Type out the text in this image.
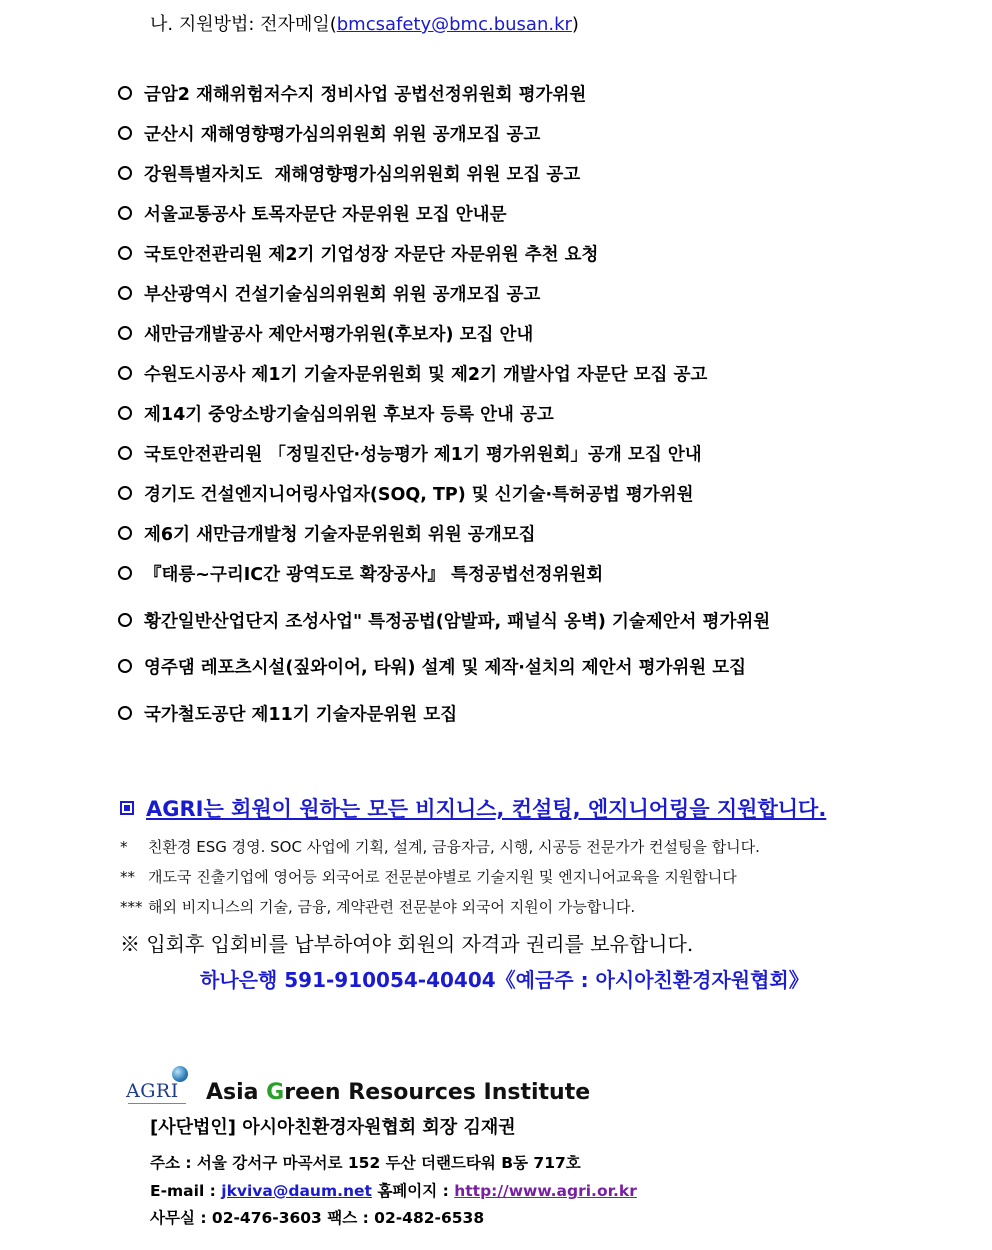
나. 지원방법: 전자메일(bmcsafety@bmc.busan.kr)
금암2 재해위험저수지 정비사업 공법선정위원회 평가위원
군산시 재해영향평가심의위원회 위원 공개모집 공고
강원특별자치도  재해영향평가심의위원회 위원 모집 공고
서울교통공사 토목자문단 자문위원 모집 안내문
국토안전관리원 제2기 기업성장 자문단 자문위원 추천 요청
부산광역시 건설기술심의위원회 위원 공개모집 공고
새만금개발공사 제안서평가위원(후보자) 모집 안내
수원도시공사 제1기 기술자문위원회 및 제2기 개발사업 자문단 모집 공고
제14기 중앙소방기술심의위원 후보자 등록 안내 공고
국토안전관리원 「정밀진단·성능평가 제1기 평가위원회」공개 모집 안내
경기도 건설엔지니어링사업자(SOQ, TP) 및 신기술·특허공법 평가위원
제6기 새만금개발청 기술자문위원회 위원 공개모집
『태릉~구리IC간 광역도로 확장공사』 특정공법선정위원회
황간일반산업단지 조성사업" 특정공법(암발파, 패널식 옹벽) 기술제안서 평가위원
영주댐 레포츠시설(짚와이어, 타워) 설계 및 제작·설치의 제안서 평가위원 모집
국가철도공단 제11기 기술자문위원 모집
AGRI는 회원이 원하는 모든 비지니스, 컨설팅, 엔지니어링을 지원합니다.
* 친환경 ESG 경영. SOC 사업에 기획, 설계, 금융자금, 시행, 시공등 전문가가 컨설팅을 합니다.
** 개도국 진출기업에 영어등 외국어로 전문분야별로 기술지원 및 엔지니어교육을 지원합니다
*** 해외 비지니스의 기술, 금융, 계약관련 전문분야 외국어 지원이 가능합니다.
※ 입회후 입회비를 납부하여야 회원의 자격과 권리를 보유합니다.
하나은행 591-910054-40404《예금주 : 아시아친환경자원협회》
AGRI Asia Green Resources Institute
[사단법인] 아시아친환경자원협회 회장 김재권
주소 : 서울 강서구 마곡서로 152 두산 더랜드타워 B동 717호
E-mail : jkviva@daum.net 홈페이지 : http://www.agri.or.kr
사무실 : 02-476-3603 팩스 : 02-482-6538
